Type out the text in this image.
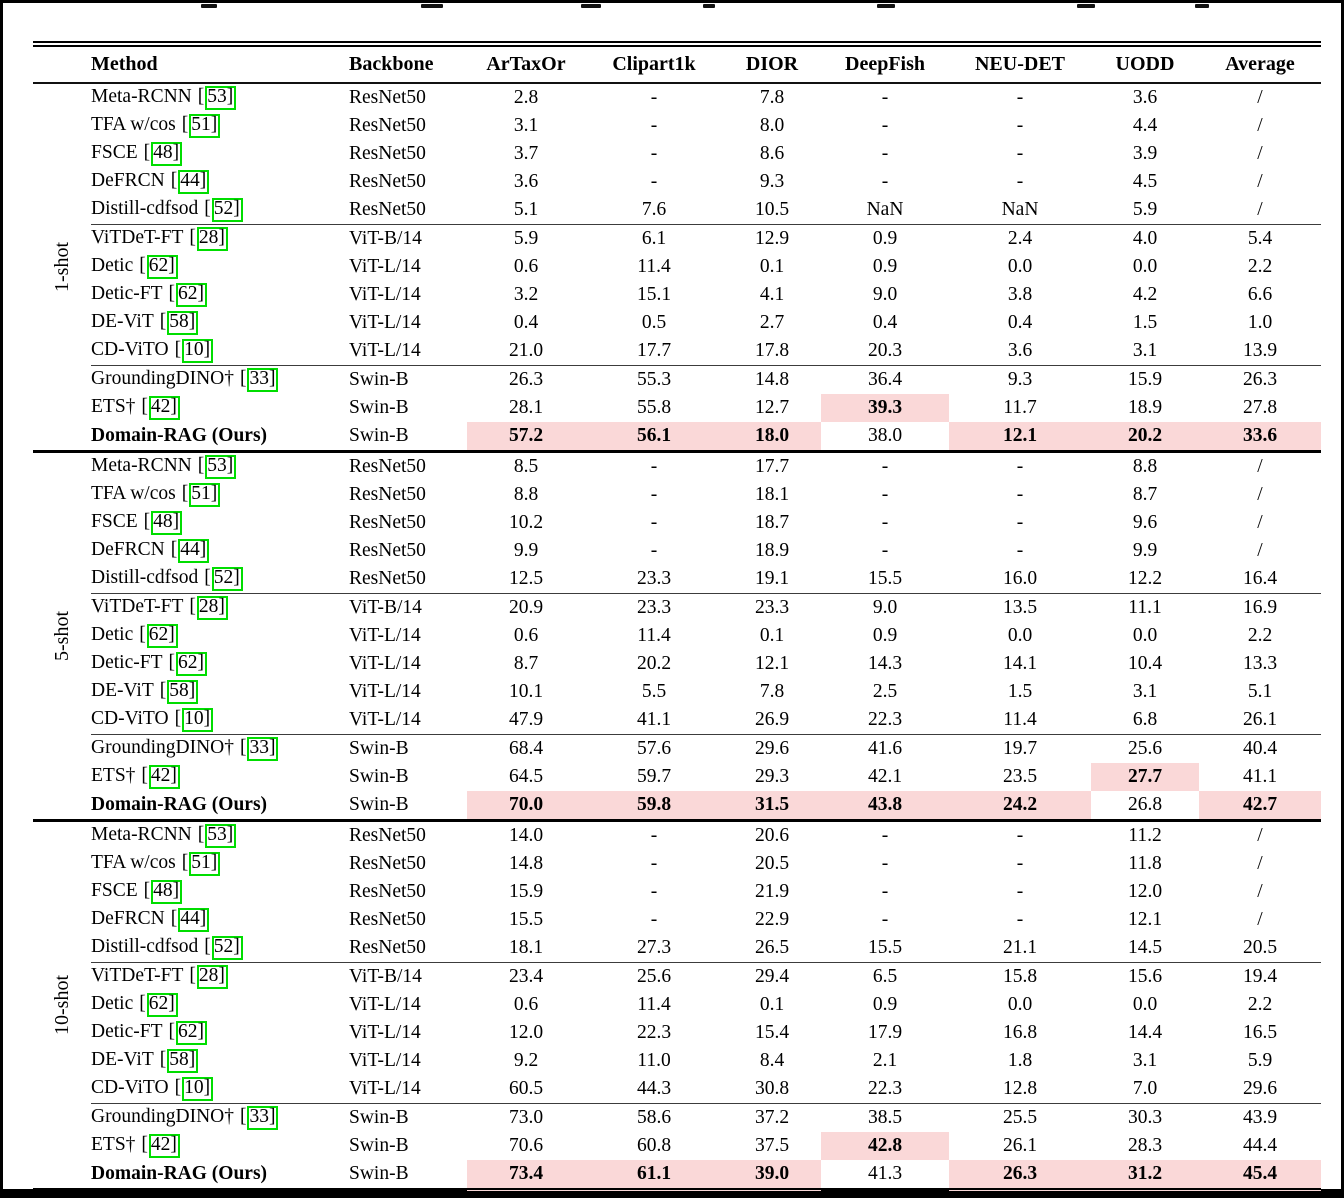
	Method	Backbone	ArTaxOr	Clipart1k	DIOR	DeepFish	NEU-DET	UODD	Average

1-shot	Meta-RCNN [ 53]	ResNet50	2.8	-	7.8	-	-	3.6	/
	TFA w/cos [ 51]	ResNet50	3.1	-	8.0	-	-	4.4	/
	FSCE [ 48]	ResNet50	3.7	-	8.6	-	-	3.9	/
	DeFRCN [ 44]	ResNet50	3.6	-	9.3	-	-	4.5	/
	Distill-cdfsod [ 52]	ResNet50	5.1	7.6	10.5	NaN	NaN	5.9	/
	ViTDeT-FT [ 28]	ViT-B/14	5.9	6.1	12.9	0.9	2.4	4.0	5.4
	Detic [ 62]	ViT-L/14	0.6	11.4	0.1	0.9	0.0	0.0	2.2
	Detic-FT [ 62]	ViT-L/14	3.2	15.1	4.1	9.0	3.8	4.2	6.6
	DE-ViT [ 58]	ViT-L/14	0.4	0.5	2.7	0.4	0.4	1.5	1.0
	CD-ViTO [ 10]	ViT-L/14	21.0	17.7	17.8	20.3	3.6	3.1	13.9
	GroundingDINO† [ 33]	Swin-B	26.3	55.3	14.8	36.4	9.3	15.9	26.3
	ETS† [ 42]	Swin-B	28.1	55.8	12.7	39.3	11.7	18.9	27.8
	Domain-RAG (Ours)	Swin-B	57.2	56.1	18.0	38.0	12.1	20.2	33.6

5-shot	Meta-RCNN [ 53]	ResNet50	8.5	-	17.7	-	-	8.8	/
	TFA w/cos [ 51]	ResNet50	8.8	-	18.1	-	-	8.7	/
	FSCE [ 48]	ResNet50	10.2	-	18.7	-	-	9.6	/
	DeFRCN [ 44]	ResNet50	9.9	-	18.9	-	-	9.9	/
	Distill-cdfsod [ 52]	ResNet50	12.5	23.3	19.1	15.5	16.0	12.2	16.4
	ViTDeT-FT [ 28]	ViT-B/14	20.9	23.3	23.3	9.0	13.5	11.1	16.9
	Detic [ 62]	ViT-L/14	0.6	11.4	0.1	0.9	0.0	0.0	2.2
	Detic-FT [ 62]	ViT-L/14	8.7	20.2	12.1	14.3	14.1	10.4	13.3
	DE-ViT [ 58]	ViT-L/14	10.1	5.5	7.8	2.5	1.5	3.1	5.1
	CD-ViTO [ 10]	ViT-L/14	47.9	41.1	26.9	22.3	11.4	6.8	26.1
	GroundingDINO† [ 33]	Swin-B	68.4	57.6	29.6	41.6	19.7	25.6	40.4
	ETS† [ 42]	Swin-B	64.5	59.7	29.3	42.1	23.5	27.7	41.1
	Domain-RAG (Ours)	Swin-B	70.0	59.8	31.5	43.8	24.2	26.8	42.7

10-shot	Meta-RCNN [ 53]	ResNet50	14.0	-	20.6	-	-	11.2	/
	TFA w/cos [ 51]	ResNet50	14.8	-	20.5	-	-	11.8	/
	FSCE [ 48]	ResNet50	15.9	-	21.9	-	-	12.0	/
	DeFRCN [ 44]	ResNet50	15.5	-	22.9	-	-	12.1	/
	Distill-cdfsod [ 52]	ResNet50	18.1	27.3	26.5	15.5	21.1	14.5	20.5
	ViTDeT-FT [ 28]	ViT-B/14	23.4	25.6	29.4	6.5	15.8	15.6	19.4
	Detic [ 62]	ViT-L/14	0.6	11.4	0.1	0.9	0.0	0.0	2.2
	Detic-FT [ 62]	ViT-L/14	12.0	22.3	15.4	17.9	16.8	14.4	16.5
	DE-ViT [ 58]	ViT-L/14	9.2	11.0	8.4	2.1	1.8	3.1	5.9
	CD-ViTO [ 10]	ViT-L/14	60.5	44.3	30.8	22.3	12.8	7.0	29.6
	GroundingDINO† [ 33]	Swin-B	73.0	58.6	37.2	38.5	25.5	30.3	43.9
	ETS† [ 42]	Swin-B	70.6	60.8	37.5	42.8	26.1	28.3	44.4
	Domain-RAG (Ours)	Swin-B	73.4	61.1	39.0	41.3	26.3	31.2	45.4
